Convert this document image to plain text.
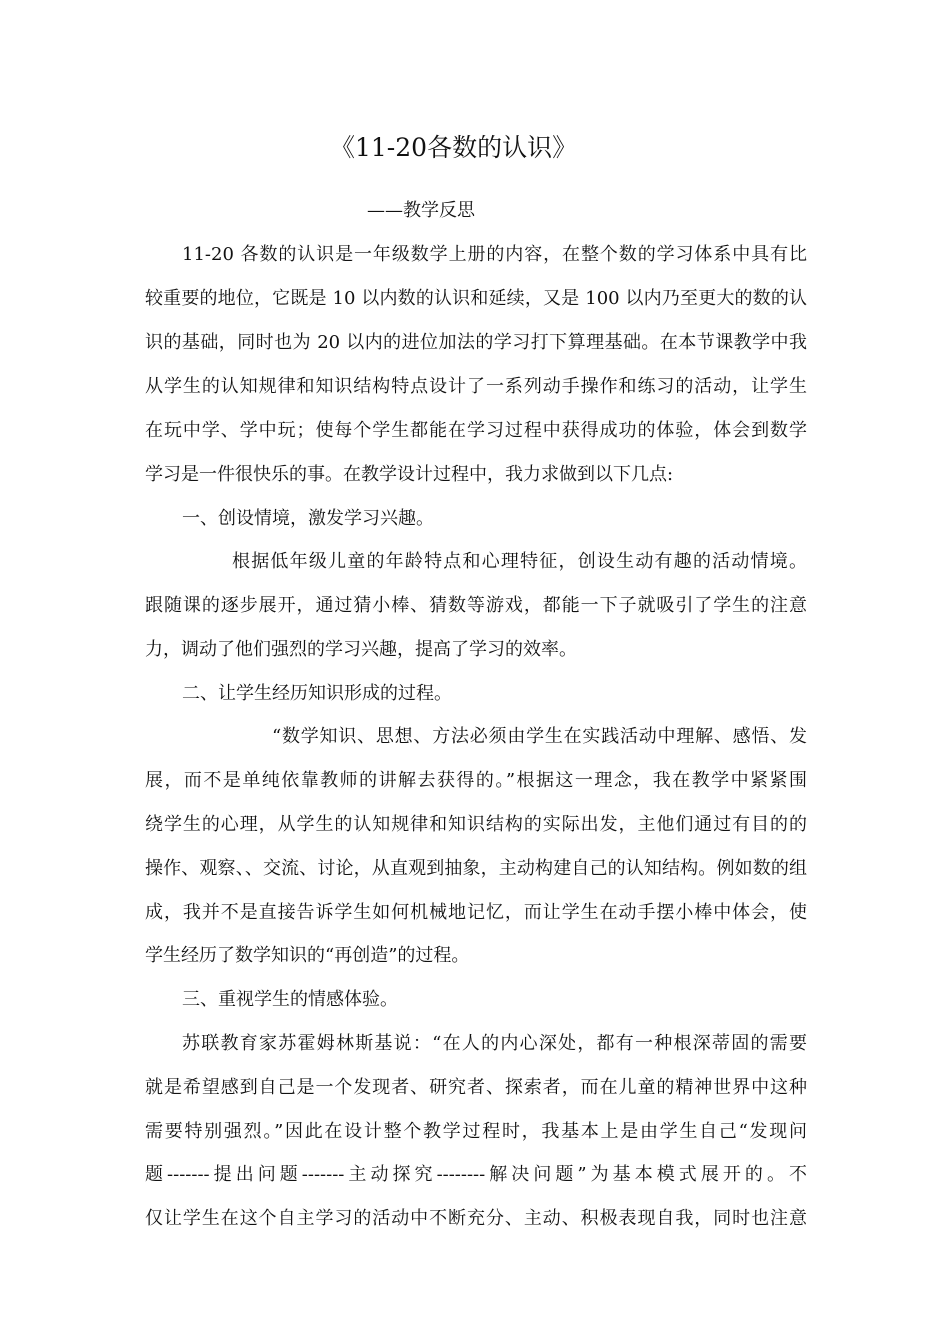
《11-20各数的认识》
——教学反思
11-20 各数的认识是一年级数学上册的内容，在整个数的学习体系中具有比
较重要的地位，它既是 10 以内数的认识和延续，又是 100 以内乃至更大的数的认
识的基础，同时也为 20 以内的进位加法的学习打下算理基础。在本节课教学中我
从学生的认知规律和知识结构特点设计了一系列动手操作和练习的活动，让学生
在玩中学、学中玩；使每个学生都能在学习过程中获得成功的体验，体会到数学
学习是一件很快乐的事。在教学设计过程中，我力求做到以下几点:
一、创设情境，激发学习兴趣。
根据低年级儿童的年龄特点和心理特征，创设生动有趣的活动情境。
跟随课的逐步展开，通过猜小棒、猜数等游戏，都能一下子就吸引了学生的注意
力，调动了他们强烈的学习兴趣，提高了学习的效率。
二、让学生经历知识形成的过程。
“数学知识、思想、方法必须由学生在实践活动中理解、感悟、发
展，而不是单纯依靠教师的讲解去获得的。”根据这一理念，我在教学中紧紧围
绕学生的心理，从学生的认知规律和知识结构的实际出发，主他们通过有目的的
操作、观察、、交流、讨论，从直观到抽象，主动构建自己的认知结构。例如数的组
成，我并不是直接告诉学生如何机械地记忆，而让学生在动手摆小棒中体会，使
学生经历了数学知识的“再创造”的过程。
三、重视学生的情感体验。
苏联教育家苏霍姆林斯基说：“在人的内心深处，都有一种根深蒂固的需要
就是希望感到自己是一个发现者、研究者、探索者，而在儿童的精神世界中这种
需要特别强烈。”因此在设计整个教学过程时，我基本上是由学生自己“发现问
题-------提出问题-------主动探究--------解决问题”为基本模式展开的。不
仅让学生在这个自主学习的活动中不断充分、主动、积极表现自我，同时也注意
